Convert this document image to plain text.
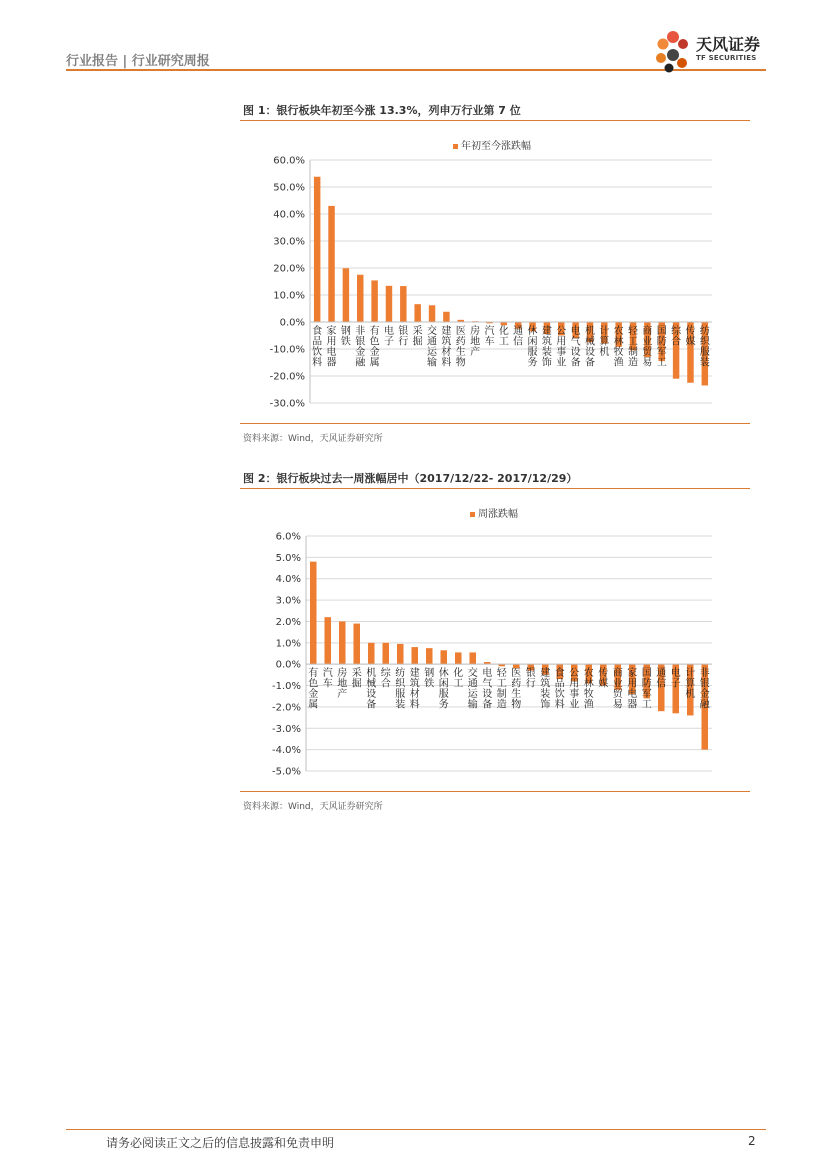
行业报告 | 行业研究周报
天风证券
TF SECURITIES
图 1：银行板块年初至今涨 13.3%，列申万行业第 7 位
年初至今涨跌幅
60.0%
50.0%
40.0%
30.0%
20.0%
10.0%
0.0%
-10.0%
-20.0%
-30.0%
食品饮料
家用电器
钢铁
非银金融
有色金属
电子
银行
采掘
交通运输
建筑材料
医药生物
房地产
汽车
化工
通信
休闲服务
建筑装饰
公用事业
电气设备
机械设备
计算机
农林牧渔
轻工制造
商业贸易
国防军工
综合
传媒
纺织服装
资料来源：Wind，天风证券研究所
图 2：银行板块过去一周涨幅居中（2017/12/22- 2017/12/29）
周涨跌幅
6.0%
5.0%
4.0%
3.0%
2.0%
1.0%
0.0%
-1.0%
-2.0%
-3.0%
-4.0%
-5.0%
有色金属
汽车
房地产
采掘
机械设备
综合
纺织服装
建筑材料
钢铁
休闲服务
化工
交通运输
电气设备
轻工制造
医药生物
银行
建筑装饰
食品饮料
公用事业
农林牧渔
传媒
商业贸易
家用电器
国防军工
通信
电子
计算机
非银金融
资料来源：Wind，天风证券研究所
请务必阅读正文之后的信息披露和免责申明	2
